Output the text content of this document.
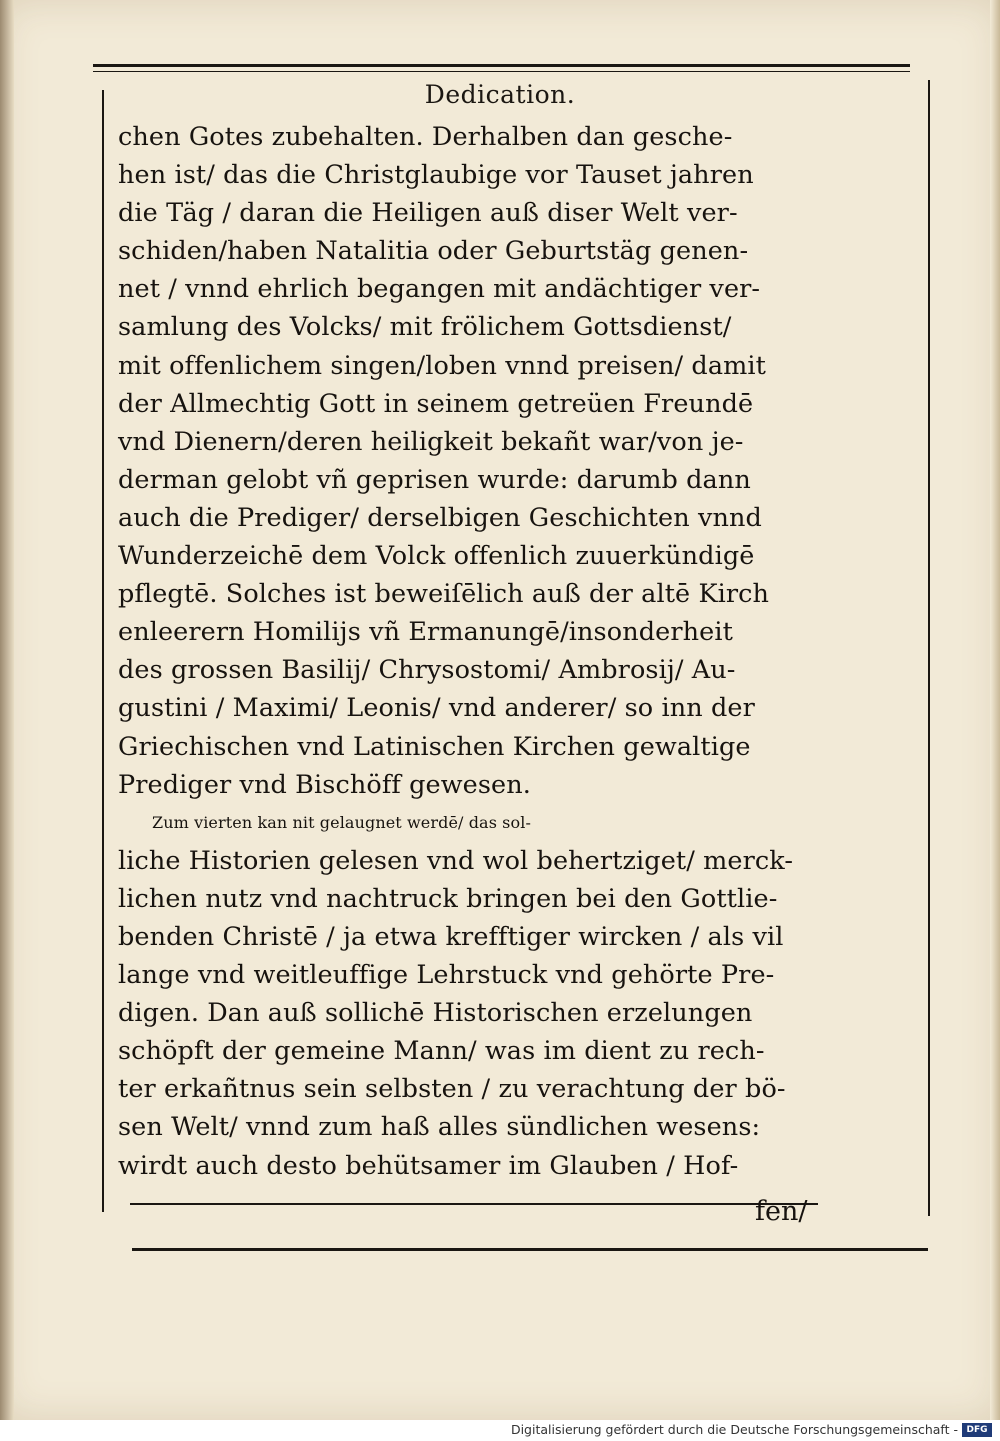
Dedication.
chen Gotes zubehalten. Derhalben dan gesche-
hen ist/ das die Christglaubige vor Tauset jahren
die Täg / daran die Heiligen auß diser Welt ver-
schiden/haben Natalitia oder Geburtstäg genen-
net / vnnd ehrlich begangen mit andächtiger ver-
samlung des Volcks/ mit frölichem Gottsdienst/
mit offenlichem singen/loben vnnd preisen/ damit
der Allmechtig Gott in seinem getreüen Freundē
vnd Dienern/deren heiligkeit bekañt war/von je-
derman gelobt vñ geprisen wurde: darumb dann
auch die Prediger/ derselbigen Geschichten vnnd
Wunderzeichē dem Volck offenlich zuuerkündigē
pflegtē. Solches ist beweiſēlich auß der altē Kirch
enleerern Homilijs vñ Ermanungē/insonderheit
des grossen Basilij/ Chrysostomi/ Ambrosij/ Au-
gustini / Maximi/ Leonis/ vnd anderer/ so inn der
Griechischen vnd Latinischen Kirchen gewaltige
Prediger vnd Bischöff gewesen.
Zum vierten kan nit gelaugnet werdē/ das sol-
liche Historien gelesen vnd wol behertziget/ merck-
lichen nutz vnd nachtruck bringen bei den Gottlie-
benden Christē / ja etwa krefftiger wircken / als vil
lange vnd weitleuffige Lehrstuck vnd gehörte Pre-
digen. Dan auß sollichē Historischen erzelungen
schöpft der gemeine Mann/ was im dient zu rech-
ter erkañtnus sein selbsten / zu verachtung der bö-
sen Welt/ vnnd zum haß alles sündlichen wesens:
wirdt auch desto behütsamer im Glauben / Hof-
fen/
Digitalisierung gefördert durch die Deutsche Forschungsgemeinschaft - DFG
